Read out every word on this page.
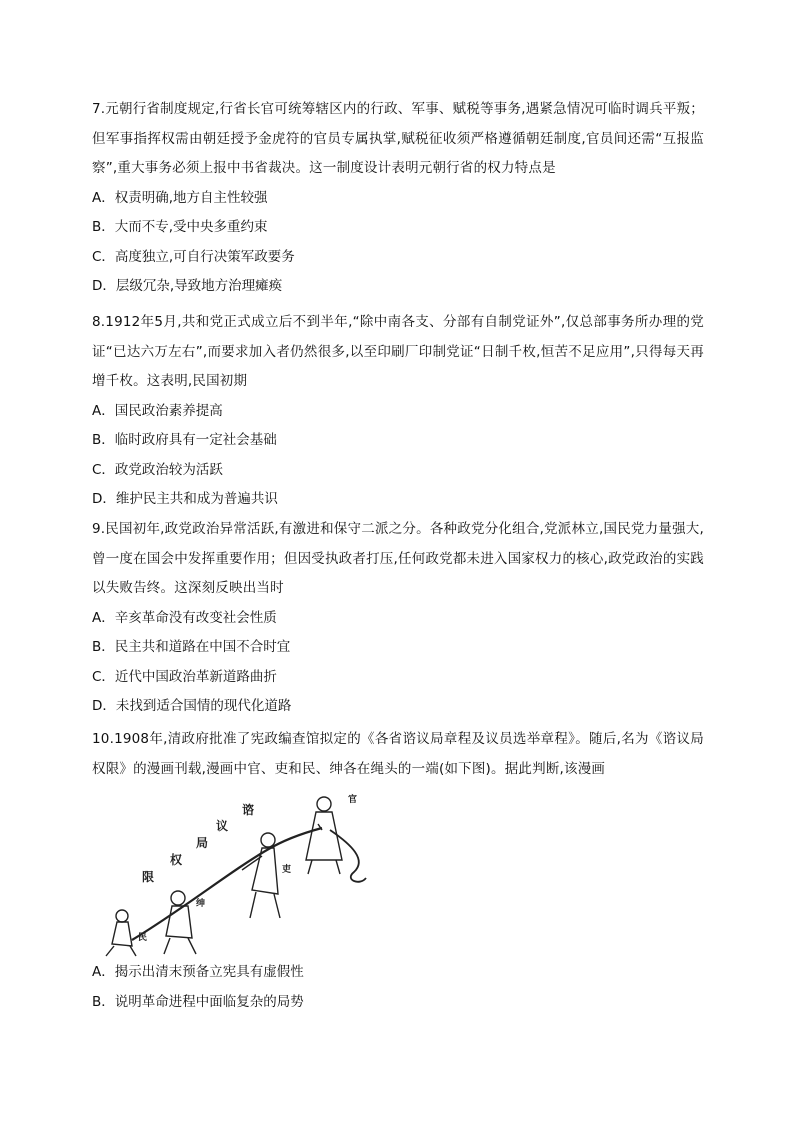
7.元朝行省制度规定,行省长官可统筹辖区内的行政、军事、赋税等事务,遇紧急情况可临时调兵平叛；但军事指挥权需由朝廷授予金虎符的官员专属执掌,赋税征收须严格遵循朝廷制度,官员间还需“互报监察”,重大事务必须上报中书省裁决。这一制度设计表明元朝行省的权力特点是
A．权责明确,地方自主性较强
B．大而不专,受中央多重约束
C．高度独立,可自行决策军政要务
D．层级冗杂,导致地方治理瘫痪
8.1912年5月,共和党正式成立后不到半年,“除中南各支、分部有自制党证外”,仅总部事务所办理的党证“已达六万左右”,而要求加入者仍然很多,以至印刷厂印制党证“日制千枚,恒苦不足应用”,只得每天再增千枚。这表明,民国初期
A．国民政治素养提高
B．临时政府具有一定社会基础
C．政党政治较为活跃
D．维护民主共和成为普遍共识
9.民国初年,政党政治异常活跃,有激进和保守二派之分。各种政党分化组合,党派林立,国民党力量强大,曾一度在国会中发挥重要作用；但因受执政者打压,任何政党都未进入国家权力的核心,政党政治的实践以失败告终。这深刻反映出当时
A．辛亥革命没有改变社会性质
B．民主共和道路在中国不合时宜
C．近代中国政治革新道路曲折
D．未找到适合国情的现代化道路
10.1908年,清政府批准了宪政编查馆拟定的《各省谘议局章程及议员选举章程》。随后,名为《谘议局权限》的漫画刊载,漫画中官、吏和民、绅各在绳头的一端(如下图)。据此判断,该漫画
谘
议
局
权
限
官
吏
绅
民
A．揭示出清末预备立宪具有虚假性
B．说明革命进程中面临复杂的局势
